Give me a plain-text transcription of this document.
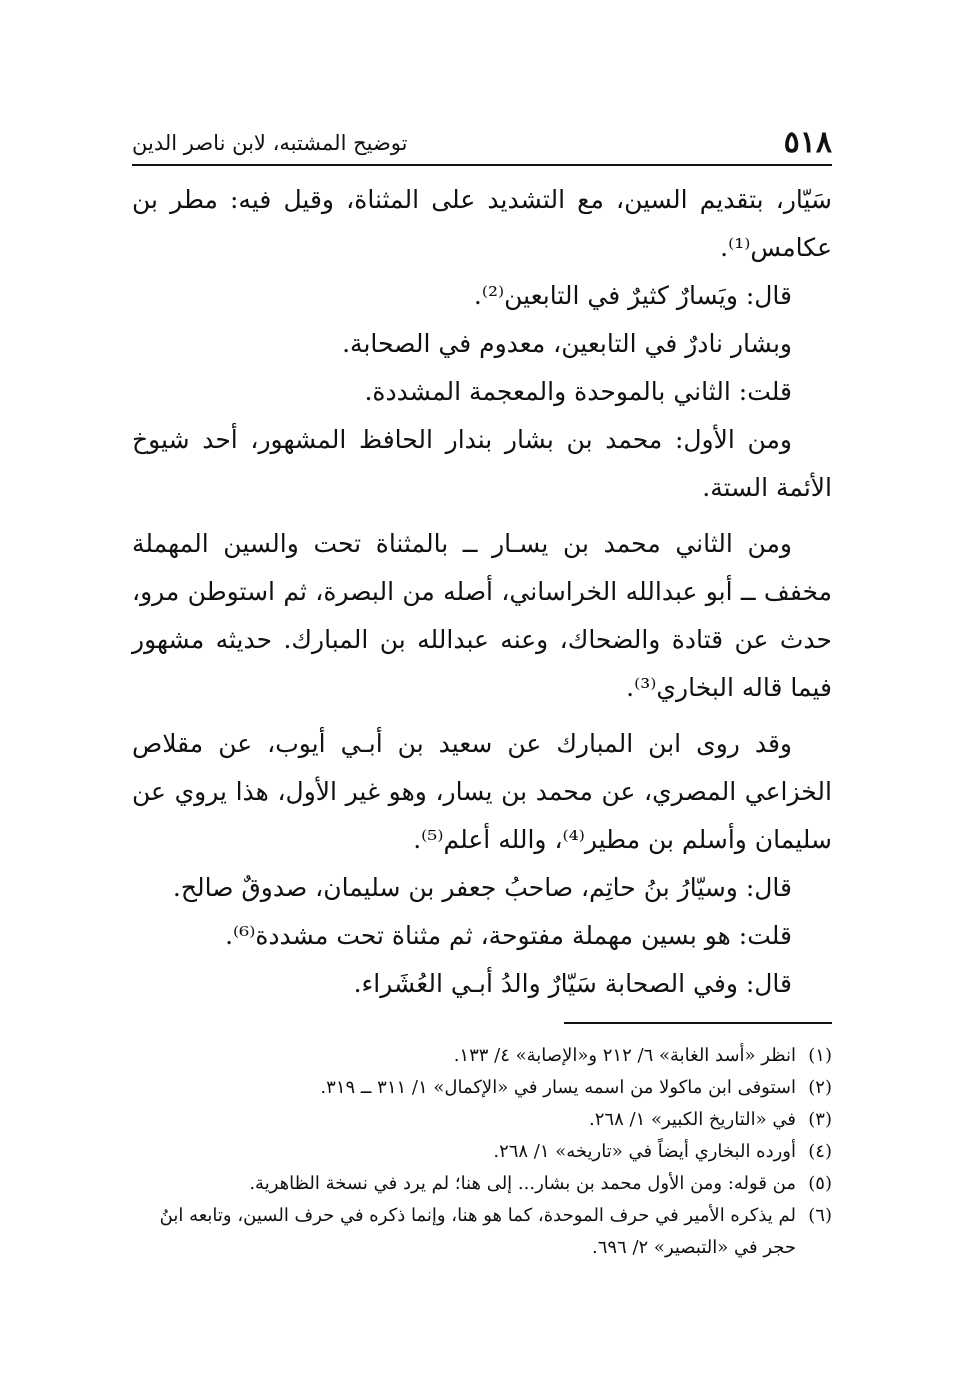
٥١٨
توضيح المشتبه، لابن ناصر الدين

سَيّار، بتقديم السين، مع التشديد على المثناة، وقيل فيه: مطر بن عكامس⁽¹⁾.

قال: ويَسارٌ كثيرٌ في التابعين⁽²⁾.

وبشار نادرٌ في التابعين، معدوم في الصحابة.

قلت: الثاني بالموحدة والمعجمة المشددة.

ومن الأول: محمد بن بشار بندار الحافظ المشهور، أحد شيوخ الأئمة الستة.

ومن الثاني محمد بن يسـار ــ بالمثناة تحت والسين المهملة مخفف ــ أبو عبدالله الخراساني، أصله من البصرة، ثم استوطن مرو، حدث عن قتادة والضحاك، وعنه عبدالله بن المبارك. حديثه مشهور فيما قاله البخاري⁽³⁾.

وقد روى ابن المبارك عن سعيد بن أبـي أيوب، عن مقلاص الخزاعي المصري، عن محمد بن يسار، وهو غير الأول، هذا يروي عن سليمان وأسلم بن مطير⁽⁴⁾، والله أعلم⁽⁵⁾.

قال: وسيّارُ بنُ حاتِم، صاحبُ جعفر بن سليمان، صدوقٌ صالح.

قلت: هو بسين مهملة مفتوحة، ثم مثناة تحت مشددة⁽⁶⁾.

قال: وفي الصحابة سَيّارٌ والدُ أبـي العُشَراء.

(١)
انظر «أسد الغابة» ٦/ ٢١٢ و«الإصابة» ٤/ ١٣٣.

(٢)
استوفى ابن ماكولا من اسمه يسار في «الإكمال» ١/ ٣١١ ــ ٣١٩.

(٣)
في «التاريخ الكبير» ١/ ٢٦٨.

(٤)
أورده البخاري أيضاً في «تاريخه» ١/ ٢٦٨.

(٥)
من قوله: ومن الأول محمد بن بشار... إلى هنا؛ لم يرد في نسخة الظاهرية.

(٦)
لم يذكره الأمير في حرف الموحدة، كما هو هنا، وإنما ذكره في حرف السين، وتابعه ابنُ حجر في «التبصير» ٢/ ٦٩٦.
